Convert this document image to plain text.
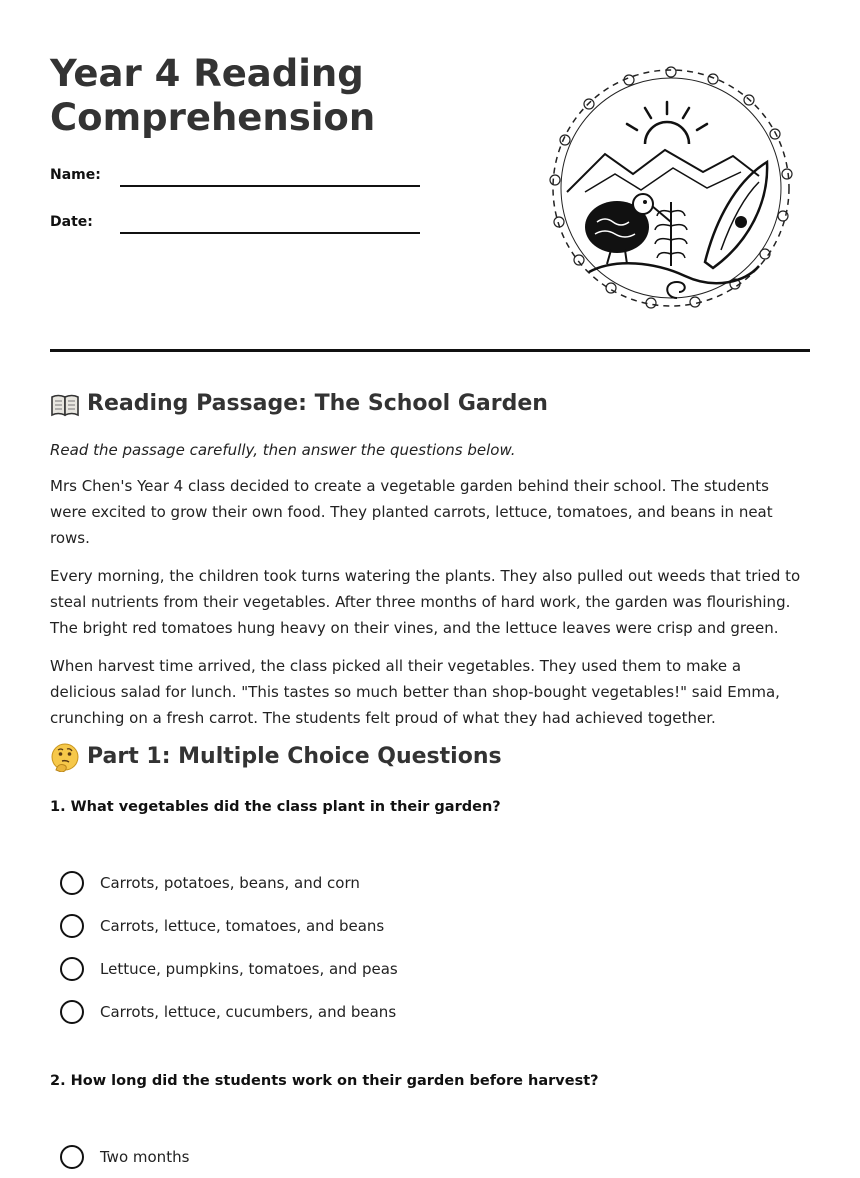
Year 4 Reading Comprehension
Name:
Date:
Reading Passage: The School Garden

Read the passage carefully, then answer the questions below.

Mrs Chen's Year 4 class decided to create a vegetable garden behind their school. The students were excited to grow their own food. They planted carrots, lettuce, tomatoes, and beans in neat rows.

Every morning, the children took turns watering the plants. They also pulled out weeds that tried to steal nutrients from their vegetables. After three months of hard work, the garden was flourishing. The bright red tomatoes hung heavy on their vines, and the lettuce leaves were crisp and green.

When harvest time arrived, the class picked all their vegetables. They used them to make a delicious salad for lunch. "This tastes so much better than shop-bought vegetables!" said Emma, crunching on a fresh carrot. The students felt proud of what they had achieved together.

Part 1: Multiple Choice Questions

1. What vegetables did the class plant in their garden?

Carrots, potatoes, beans, and corn
Carrots, lettuce, tomatoes, and beans
Lettuce, pumpkins, tomatoes, and peas
Carrots, lettuce, cucumbers, and beans

2. How long did the students work on their garden before harvest?

Two months
